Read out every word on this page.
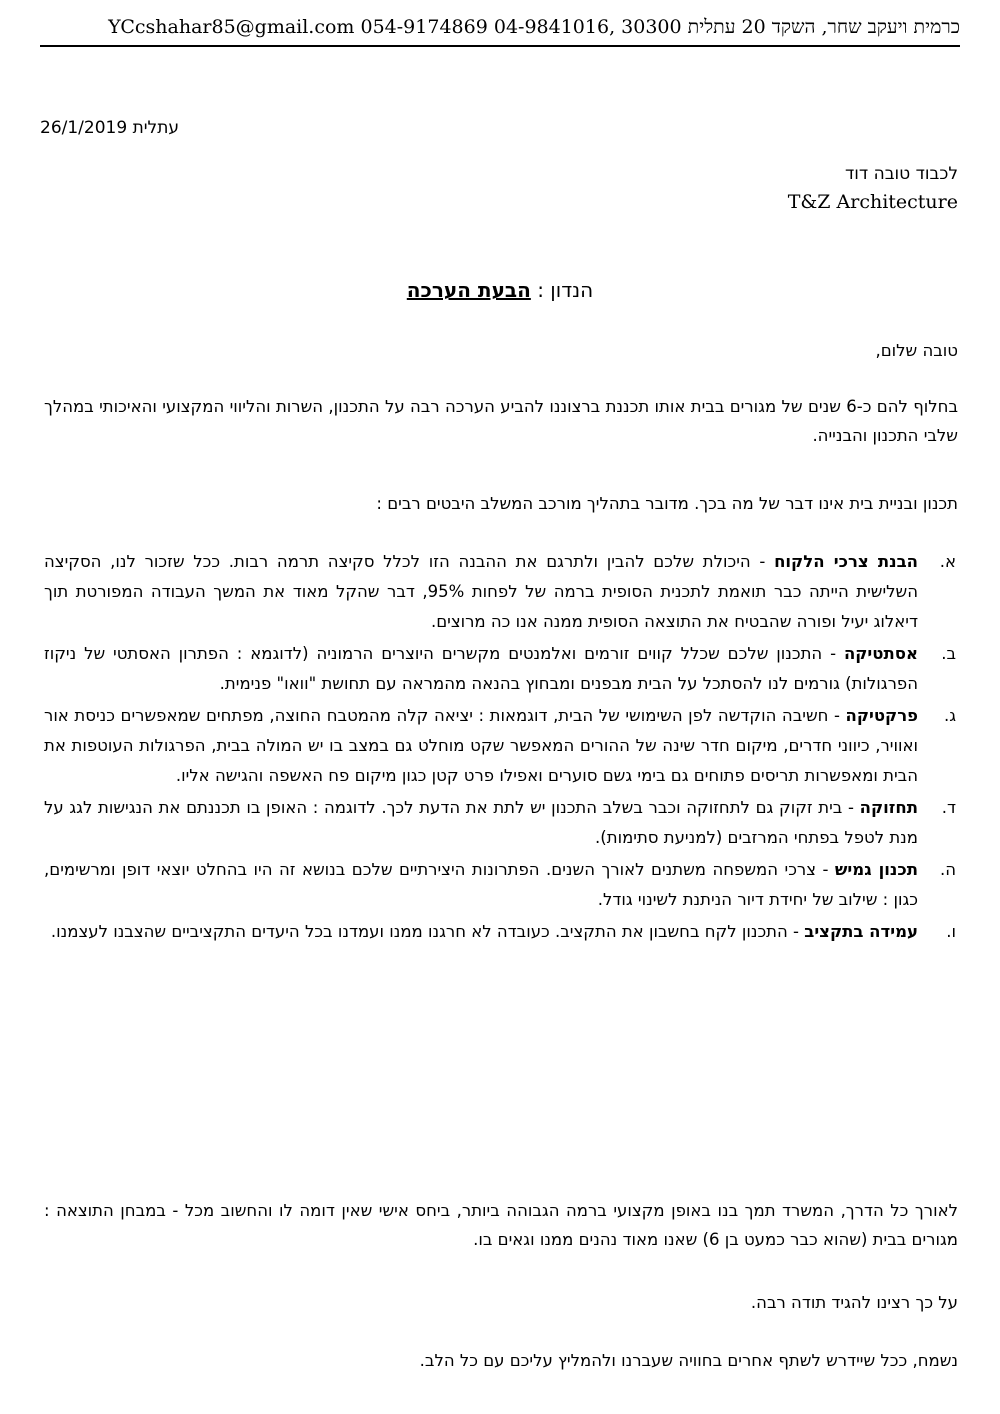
כרמית ויעקב שחר, השקד 20 עתלית 30300 ,04-9841016 054-9174869 YCcshahar85@gmail.com
עתלית 26/1/2019
לכבוד טובה דוד
T&Z Architecture
הנדון : הבעת הערכה
טובה שלום,
בחלוף להם כ-6 שנים של מגורים בבית אותו תכננת ברצוננו להביע הערכה רבה על התכנון, השרות והליווי המקצועי והאיכותי במהלך שלבי התכנון והבנייה.
תכנון ובניית בית אינו דבר של מה בכך. מדובר בתהליך מורכב המשלב היבטים רבים :
א.
הבנת צרכי הלקוח - היכולת שלכם להבין ולתרגם את ההבנה הזו לכלל סקיצה תרמה רבות. ככל שזכור לנו, הסקיצה השלישית הייתה כבר תואמת לתכנית הסופית ברמה של לפחות 95%, דבר שהקל מאוד את המשך העבודה המפורטת תוך דיאלוג יעיל ופורה שהבטיח את התוצאה הסופית ממנה אנו כה מרוצים.
ב.
אסתטיקה - התכנון שלכם שכלל קווים זורמים ואלמנטים מקשרים היוצרים הרמוניה (לדוגמא : הפתרון האסתטי של ניקוז הפרגולות) גורמים לנו להסתכל על הבית מבפנים ומבחוץ בהנאה מהמראה עם תחושת "וואו" פנימית.
ג.
פרקטיקה - חשיבה הוקדשה לפן השימושי של הבית, דוגמאות : יציאה קלה מהמטבח החוצה, מפתחים שמאפשרים כניסת אור ואוויר, כיווני חדרים, מיקום חדר שינה של ההורים המאפשר שקט מוחלט גם במצב בו יש המולה בבית, הפרגולות העוטפות את הבית ומאפשרות תריסים פתוחים גם בימי גשם סוערים ואפילו פרט קטן כגון מיקום פח האשפה והגישה אליו.
ד.
תחזוקה - בית זקוק גם לתחזוקה וכבר בשלב התכנון יש לתת את הדעת לכך. לדוגמה : האופן בו תכננתם את הנגישות לגג על מנת לטפל בפתחי המרזבים (למניעת סתימות).
ה.
תכנון גמיש - צרכי המשפחה משתנים לאורך השנים. הפתרונות היצירתיים שלכם בנושא זה היו בהחלט יוצאי דופן ומרשימים, כגון : שילוב של יחידת דיור הניתנת לשינוי גודל.
ו.
עמידה בתקציב - התכנון לקח בחשבון את התקציב. כעובדה לא חרגנו ממנו ועמדנו בכל היעדים התקציביים שהצבנו לעצמנו.
לאורך כל הדרך, המשרד תמך בנו באופן מקצועי ברמה הגבוהה ביותר, ביחס אישי שאין דומה לו והחשוב מכל - במבחן התוצאה : מגורים בבית (שהוא כבר כמעט בן 6) שאנו מאוד נהנים ממנו וגאים בו.
על כך רצינו להגיד תודה רבה.
נשמח, ככל שיידרש לשתף אחרים בחוויה שעברנו ולהמליץ עליכם עם כל הלב.
